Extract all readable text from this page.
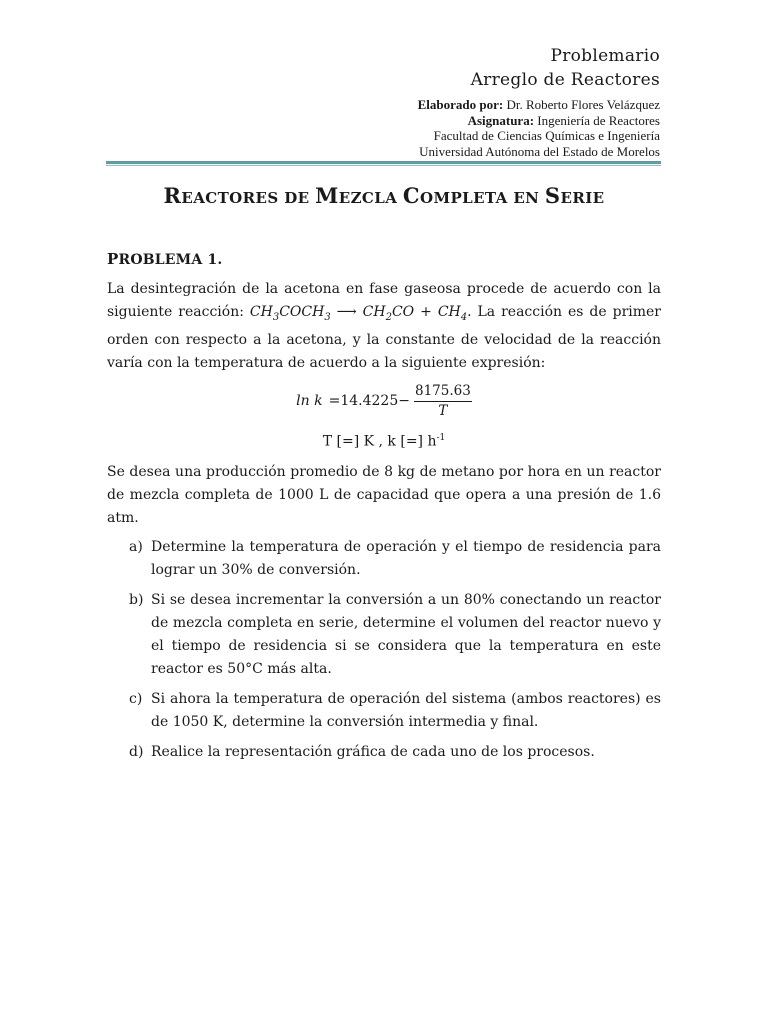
Problemario
Arreglo de Reactores
Elaborado por: Dr. Roberto Flores Velázquez
Asignatura: Ingeniería de Reactores
Facultad de Ciencias Químicas e Ingeniería
Universidad Autónoma del Estado de Morelos
REACTORES DE MEZCLA COMPLETA EN SERIE
PROBLEMA 1.

La desintegración de la acetona en fase gaseosa procede de acuerdo con la siguiente reacción: $CH_3COCH_3$ ⟶ $CH_2CO + CH_4$. La reacción es de primer orden con respecto a la acetona, y la constante de velocidad de la reacción varía con la temperatura de acuerdo a la siguiente expresión:

$\ln k = 14.4225 - \frac{8175.63}{T}$
T [=] K , k [=] $h^{-1}$

Se desea una producción promedio de 8 kg de metano por hora en un reactor de mezcla completa de 1000 L de capacidad que opera a una presión de 1.6 atm.

a) Determine la temperatura de operación y el tiempo de residencia para lograr un 30% de conversión.
b) Si se desea incrementar la conversión a un 80% conectando un reactor de mezcla completa en serie, determine el volumen del reactor nuevo y el tiempo de residencia si se considera que la temperatura en este reactor es 50°C más alta.
c) Si ahora la temperatura de operación del sistema (ambos reactores) es de 1050 K, determine la conversión intermedia y final.
d) Realice la representación gráfica de cada uno de los procesos.
